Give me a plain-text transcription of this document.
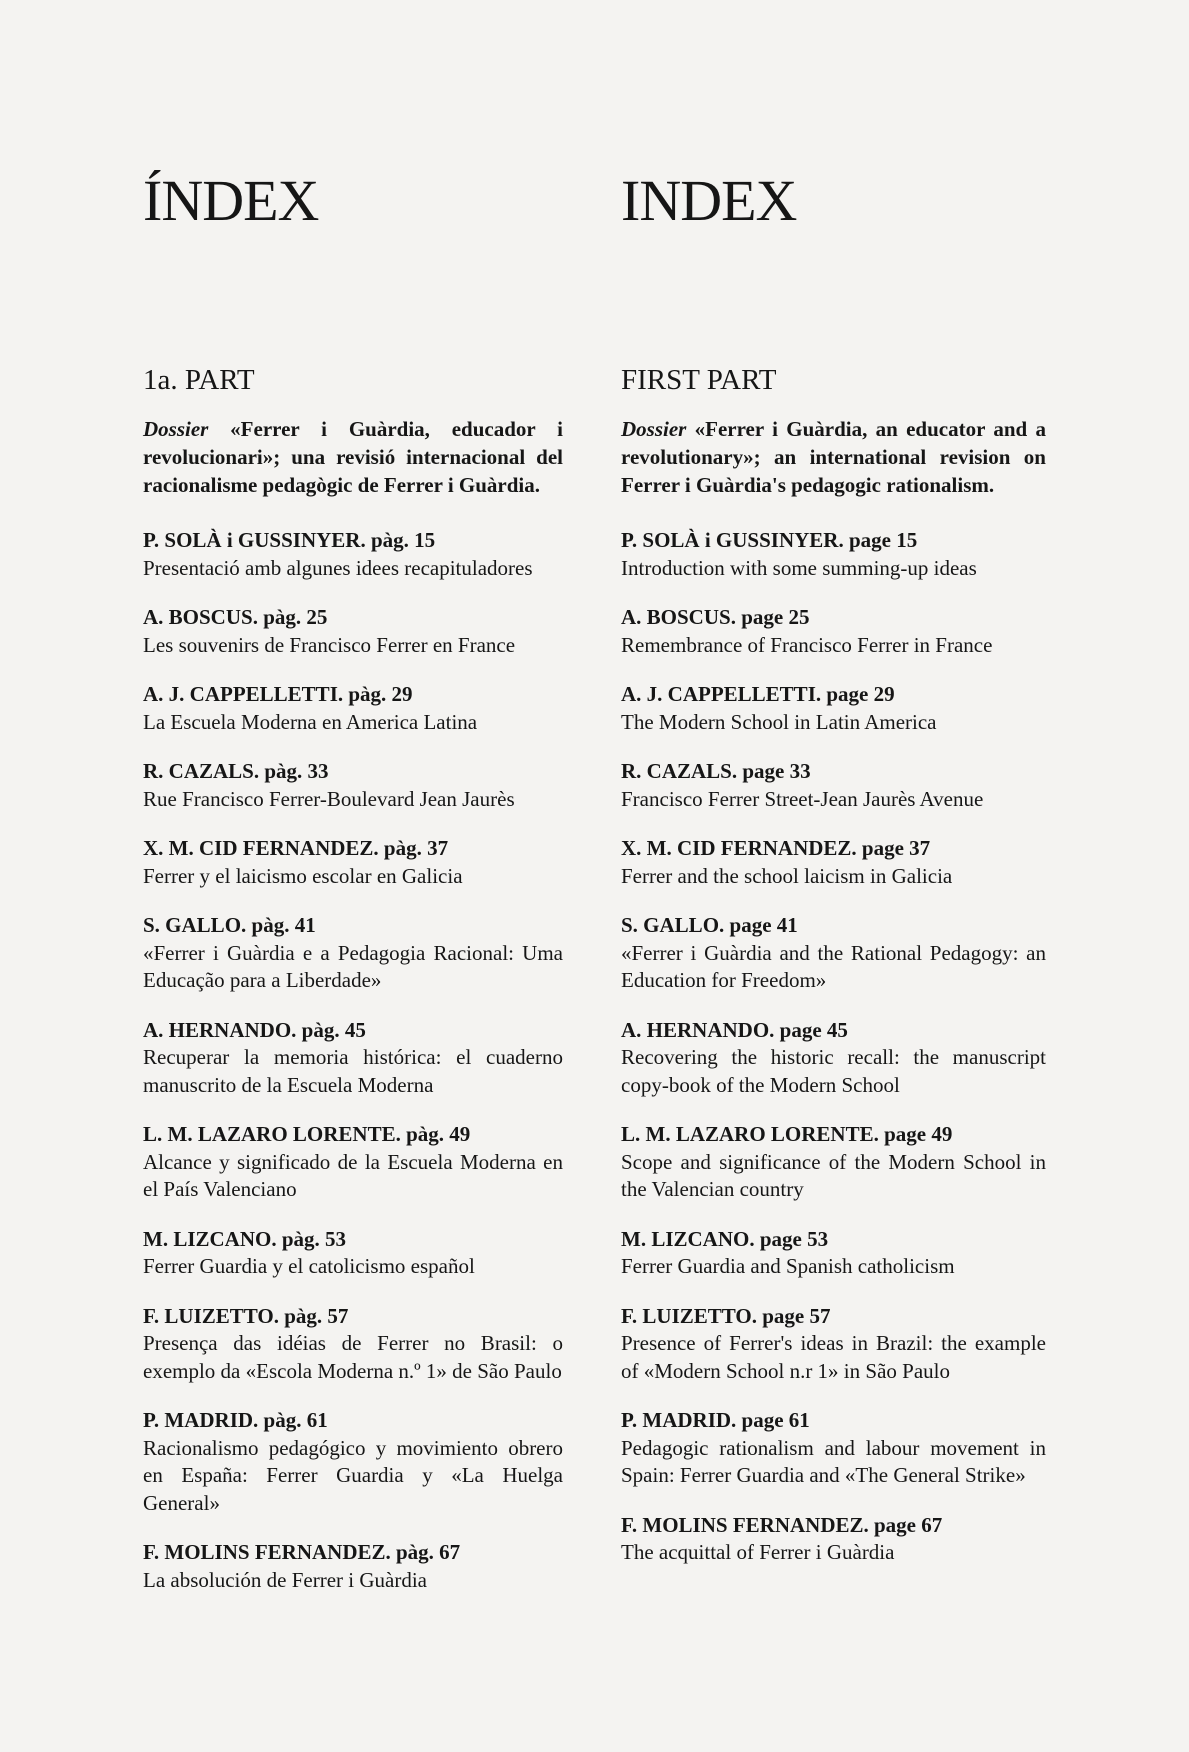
ÍNDEX
1a. PART

Dossier «Ferrer i Guàrdia, educador i revolucionari»; una revisió internacional del racionalisme pedagògic de Ferrer i Guàrdia.

P. SOLÀ i GUSSINYER. pàg. 15
Presentació amb algunes idees recapituladores
A. BOSCUS. pàg. 25
Les souvenirs de Francisco Ferrer en France
A. J. CAPPELLETTI. pàg. 29
La Escuela Moderna en America Latina
R. CAZALS. pàg. 33
Rue Francisco Ferrer-Boulevard Jean Jaurès
X. M. CID FERNANDEZ. pàg. 37
Ferrer y el laicismo escolar en Galicia
S. GALLO. pàg. 41
«Ferrer i Guàrdia e a Pedagogia Racional: Uma Educação para a Liberdade»
A. HERNANDO. pàg. 45
Recuperar la memoria histórica: el cuaderno manuscrito de la Escuela Moderna
L. M. LAZARO LORENTE. pàg. 49
Alcance y significado de la Escuela Moderna en el País Valenciano
M. LIZCANO. pàg. 53
Ferrer Guardia y el catolicismo español
F. LUIZETTO. pàg. 57
Presença das idéias de Ferrer no Brasil: o exemplo da «Escola Moderna n.º 1» de São Paulo
P. MADRID. pàg. 61
Racionalismo pedagógico y movimiento obrero en España: Ferrer Guardia y «La Huelga General»
F. MOLINS FERNANDEZ. pàg. 67
La absolución de Ferrer i Guàrdia
INDEX
FIRST PART

Dossier «Ferrer i Guàrdia, an educator and a revolutionary»; an international revision on Ferrer i Guàrdia's pedagogic rationalism.

P. SOLÀ i GUSSINYER. page 15
Introduction with some summing-up ideas
A. BOSCUS. page 25
Remembrance of Francisco Ferrer in France
A. J. CAPPELLETTI. page 29
The Modern School in Latin America
R. CAZALS. page 33
Francisco Ferrer Street-Jean Jaurès Avenue
X. M. CID FERNANDEZ. page 37
Ferrer and the school laicism in Galicia
S. GALLO. page 41
«Ferrer i Guàrdia and the Rational Pedagogy: an Education for Freedom»
A. HERNANDO. page 45
Recovering the historic recall: the manuscript copy-book of the Modern School
L. M. LAZARO LORENTE. page 49
Scope and significance of the Modern School in the Valencian country
M. LIZCANO. page 53
Ferrer Guardia and Spanish catholicism
F. LUIZETTO. page 57
Presence of Ferrer's ideas in Brazil: the example of «Modern School n.r 1» in São Paulo
P. MADRID. page 61
Pedagogic rationalism and labour movement in Spain: Ferrer Guardia and «The General Strike»
F. MOLINS FERNANDEZ. page 67
The acquittal of Ferrer i Guàrdia
